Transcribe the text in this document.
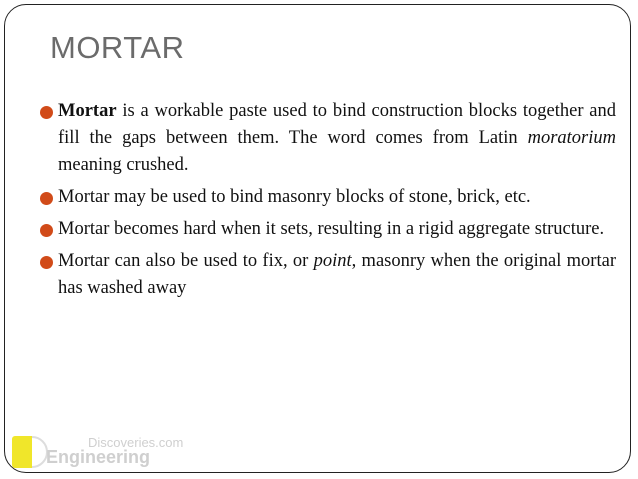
MORTAR
Mortar is a workable paste used to bind construction blocks together and fill the gaps between them. The word comes from Latin moratorium meaning crushed.
Mortar may be used to bind masonry blocks of stone, brick, etc.
Mortar becomes hard when it sets, resulting in a rigid aggregate structure.
Mortar can also be used to fix, or point, masonry when the original mortar has washed away
Discoveries.com
Engineering
